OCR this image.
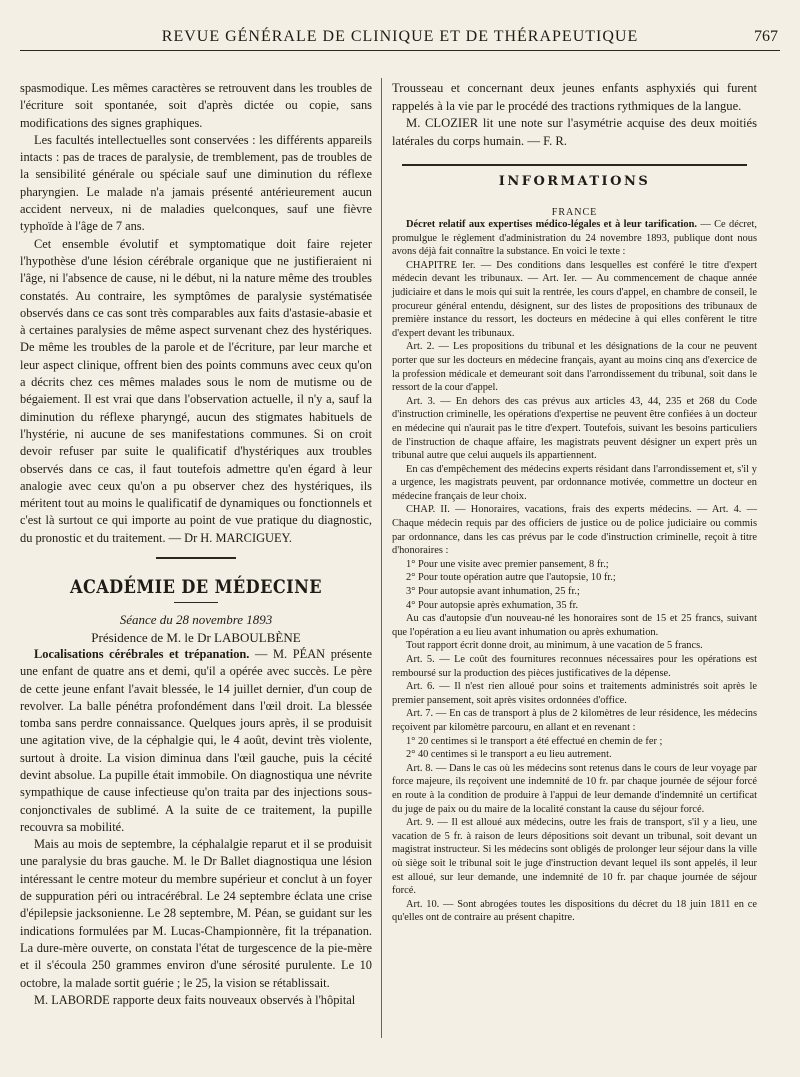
REVUE GÉNÉRALE DE CLINIQUE ET DE THÉRAPEUTIQUE	767

spasmodique. Les mêmes caractères se retrouvent dans les troubles de l'écriture soit spontanée, soit d'après dictée ou copie, sans modifications des signes graphiques.

Les facultés intellectuelles sont conservées : les différents appareils intacts : pas de traces de paralysie, de tremblement, pas de troubles de la sensibilité générale ou spéciale sauf une diminution du réflexe pharyngien. Le malade n'a jamais présenté antérieurement aucun accident nerveux, ni de maladies quelconques, sauf une fièvre typhoïde à l'âge de 7 ans.

Cet ensemble évolutif et symptomatique doit faire rejeter l'hypothèse d'une lésion cérébrale organique que ne justifieraient ni l'âge, ni l'absence de cause, ni le début, ni la nature même des troubles constatés. Au contraire, les symptômes de paralysie systématisée observés dans ce cas sont très comparables aux faits d'astasie-abasie et à certaines paralysies de même aspect survenant chez des hystériques. De même les troubles de la parole et de l'écriture, par leur marche et leur aspect clinique, offrent bien des points communs avec ceux qu'on a décrits chez ces mêmes malades sous le nom de mutisme ou de bégaiement. Il est vrai que dans l'observation actuelle, il n'y a, sauf la diminution du réflexe pharyngé, aucun des stigmates habituels de l'hystérie, ni aucune de ses manifestations communes. Si on croit devoir refuser par suite le qualificatif d'hystériques aux troubles observés dans ce cas, il faut toutefois admettre qu'en égard à leur analogie avec ceux qu'on a pu observer chez des hystériques, ils méritent tout au moins le qualificatif de dynamiques ou fonctionnels et c'est là surtout ce qui importe au point de vue pratique du diagnostic, du pronostic et du traitement. — Dr H. MARCIGUEY.

ACADÉMIE DE MÉDECINE

Séance du 28 novembre 1893

Présidence de M. le Dr LABOULBÈNE

Localisations cérébrales et trépanation. — M. PÉAN présente une enfant de quatre ans et demi, qu'il a opérée avec succès. Le père de cette jeune enfant l'avait blessée, le 14 juillet dernier, d'un coup de revolver. La balle pénétra profondément dans l'œil droit. La blessée tomba sans perdre connaissance. Quelques jours après, il se produisit une agitation vive, de la céphalgie qui, le 4 août, devint très violente, surtout à droite. La vision diminua dans l'œil gauche, puis la cécité devint absolue. La pupille était immobile. On diagnostiqua une névrite sympathique de cause infectieuse qu'on traita par des injections sous-conjonctivales de sublimé. A la suite de ce traitement, la pupille recouvra sa mobilité.

Mais au mois de septembre, la céphalalgie reparut et il se produisit une paralysie du bras gauche. M. le Dr Ballet diagnostiqua une lésion intéressant le centre moteur du membre supérieur et conclut à un foyer de suppuration péri ou intracérébral. Le 24 septembre éclata une crise d'épilepsie jacksonienne. Le 28 septembre, M. Péan, se guidant sur les indications formulées par M. Lucas-Championnère, fit la trépanation. La dure-mère ouverte, on constata l'état de turgescence de la pie-mère et il s'écoula 250 grammes environ d'une sérosité purulente. Le 10 octobre, la malade sortit guérie ; le 25, la vision se rétablissait.

M. LABORDE rapporte deux faits nouveaux observés à l'hôpital

Trousseau et concernant deux jeunes enfants asphyxiés qui furent rappelés à la vie par le procédé des tractions rythmiques de la langue.

M. CLOZIER lit une note sur l'asymétrie acquise des deux moitiés latérales du corps humain. — F. R.

INFORMATIONS
FRANCE

Décret relatif aux expertises médico-légales et à leur tarification. — Ce décret, promulgue le règlement d'administration du 24 novembre 1893, publique dont nous avons déjà fait connaître la substance. En voici le texte :

CHAPITRE Ier. — Des conditions dans lesquelles est conféré le titre d'expert médecin devant les tribunaux. — Art. Ier. — Au commencement de chaque année judiciaire et dans le mois qui suit la rentrée, les cours d'appel, en chambre de conseil, le procureur général entendu, désignent, sur des listes de propositions des tribunaux de première instance du ressort, les docteurs en médecine à qui elles confèrent le titre d'expert devant les tribunaux.

Art. 2. — Les propositions du tribunal et les désignations de la cour ne peuvent porter que sur les docteurs en médecine français, ayant au moins cinq ans d'exercice de la profession médicale et demeurant soit dans l'arrondissement du tribunal, soit dans le ressort de la cour d'appel.

Art. 3. — En dehors des cas prévus aux articles 43, 44, 235 et 268 du Code d'instruction criminelle, les opérations d'expertise ne peuvent être confiées à un docteur en médecine qui n'aurait pas le titre d'expert. Toutefois, suivant les besoins particuliers de l'instruction de chaque affaire, les magistrats peuvent désigner un expert près un tribunal autre que celui auquels ils appartiennent.

En cas d'empêchement des médecins experts résidant dans l'arrondissement et, s'il y a urgence, les magistrats peuvent, par ordonnance motivée, commettre un docteur en médecine français de leur choix.

CHAP. II. — Honoraires, vacations, frais des experts médecins. — Art. 4. — Chaque médecin requis par des officiers de justice ou de police judiciaire ou commis par ordonnance, dans les cas prévus par le code d'instruction criminelle, reçoit à titre d'honoraires :

1° Pour une visite avec premier pansement, 8 fr.;

2° Pour toute opération autre que l'autopsie, 10 fr.;

3° Pour autopsie avant inhumation, 25 fr.;

4° Pour autopsie après exhumation, 35 fr.

Au cas d'autopsie d'un nouveau-né les honoraires sont de 15 et 25 francs, suivant que l'opération a eu lieu avant inhumation ou après exhumation.

Tout rapport écrit donne droit, au minimum, à une vacation de 5 francs.

Art. 5. — Le coût des fournitures reconnues nécessaires pour les opérations est remboursé sur la production des pièces justificatives de la dépense.

Art. 6. — Il n'est rien alloué pour soins et traitements administrés soit après le premier pansement, soit après visites ordonnées d'office.

Art. 7. — En cas de transport à plus de 2 kilomètres de leur résidence, les médecins reçoivent par kilomètre parcouru, en allant et en revenant :

1° 20 centimes si le transport a été effectué en chemin de fer ;

2° 40 centimes si le transport a eu lieu autrement.

Art. 8. — Dans le cas où les médecins sont retenus dans le cours de leur voyage par force majeure, ils reçoivent une indemnité de 10 fr. par chaque journée de séjour forcé en route à la condition de produire à l'appui de leur demande d'indemnité un certificat du juge de paix ou du maire de la localité constant la cause du séjour forcé.

Art. 9. — Il est alloué aux médecins, outre les frais de transport, s'il y a lieu, une vacation de 5 fr. à raison de leurs dépositions soit devant un tribunal, soit devant un magistrat instructeur. Si les médecins sont obligés de prolonger leur séjour dans la ville où siège soit le tribunal soit le juge d'instruction devant lequel ils sont appelés, il leur est alloué, sur leur demande, une indemnité de 10 fr. par chaque journée de séjour forcé.

Art. 10. — Sont abrogées toutes les dispositions du décret du 18 juin 1811 en ce qu'elles ont de contraire au présent chapitre.
